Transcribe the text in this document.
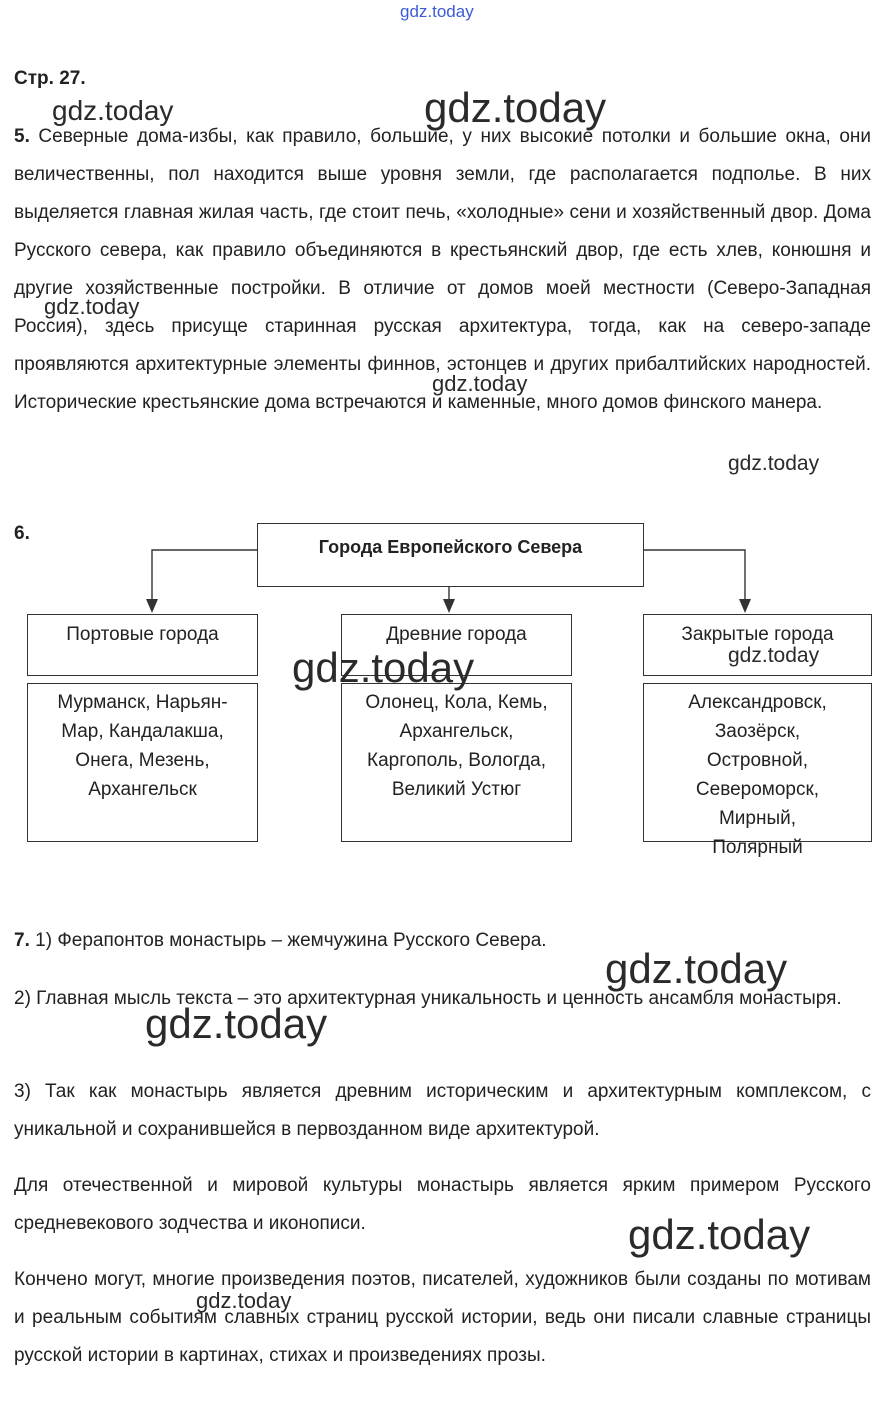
gdz.today
Стр. 27.

5. Северные дома-избы, как правило, большие, у них высокие потолки и большие окна, они величественны, пол находится выше уровня земли, где располагается подполье. В них выделяется главная жилая часть, где стоит печь, «холодные» сени и хозяйственный двор. Дома Русского севера, как правило объединяются в крестьянский двор, где есть хлев, конюшня и другие хозяйственные постройки. В отличие от домов моей местности (Северо-Западная Россия), здесь присуще старинная русская архитектура, тогда, как на северо-западе проявляются архитектурные элементы финнов, эстонцев и других прибалтийских народностей. Исторические крестьянские дома встречаются и каменные, много домов финского манера.

6.
Города Европейского Севера
Портовые города	Древние города	Закрытые города
Мурманск, Нарьян-Мар, Кандалакша, Онега, Мезень, Архангельск
Олонец, Кола, Кемь, Архангельск, Каргополь, Вологда, Великий Устюг
Александровск, Заозёрск, Островной, Североморск, Мирный, Полярный

7. 1) Ферапонтов монастырь – жемчужина Русского Севера.

2) Главная мысль текста – это архитектурная уникальность и ценность ансамбля монастыря.

3) Так как монастырь является древним историческим и архитектурным комплексом, с уникальной и сохранившейся в первозданном виде архитектурой.

Для отечественной и мировой культуры монастырь является ярким примером Русского средневекового зодчества и иконописи.

Кончено могут, многие произведения поэтов, писателей, художников были созданы по мотивам и реальным событиям славных страниц русской истории, ведь они писали славные страницы русской истории в картинах, стихах и произведениях прозы.

gdz.today	gdz.today
gdz.today
gdz.today
gdz.today
gdz.today
gdz.today
gdz.today
gdz.today
gdz.today
gdz.today
